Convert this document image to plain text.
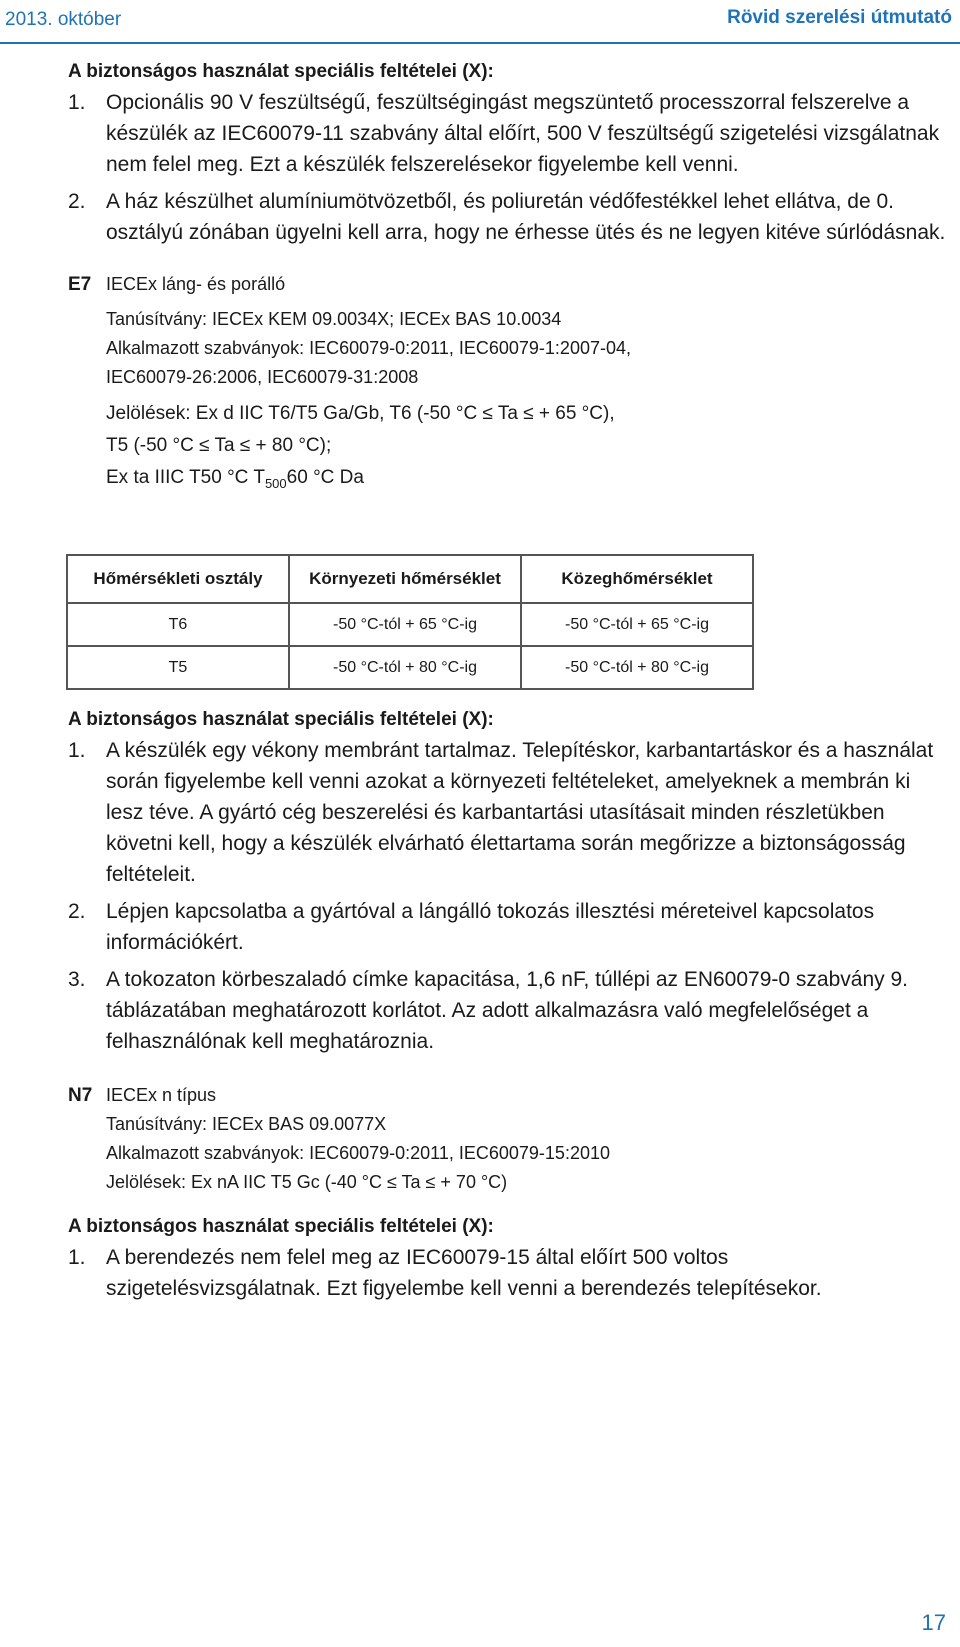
2013. október	Rövid szerelési útmutató
A biztonságos használat speciális feltételei (X):
1. Opcionális 90 V feszültségű, feszültségingást megszüntető processzorral felszerelve a készülék az IEC60079-11 szabvány által előírt, 500 V feszültségű szigetelési vizsgálatnak nem felel meg. Ezt a készülék felszerelésekor figyelembe kell venni.
2. A ház készülhet alumíniumötvözetből, és poliuretán védőfestékkel lehet ellátva, de 0. osztályú zónában ügyelni kell arra, hogy ne érhesse ütés és ne legyen kitéve súrlódásnak.
E7 IECEx láng- és porálló
Tanúsítvány: IECEx KEM 09.0034X; IECEx BAS 10.0034
Alkalmazott szabványok: IEC60079-0:2011, IEC60079-1:2007-04,
IEC60079-26:2006, IEC60079-31:2008
Jelölések: Ex d IIC T6/T5 Ga/Gb, T6 (-50 °C ≤ Ta ≤ + 65 °C),
T5 (-50 °C ≤ Ta ≤ + 80 °C);
Ex ta IIIC T50 °C $T_{500}60$ °C Da
Hőmérsékleti osztály	Környezeti hőmérséklet	Közeghőmérséklet
T6	-50 °C-tól + 65 °C-ig	-50 °C-tól + 65 °C-ig
T5	-50 °C-tól + 80 °C-ig	-50 °C-tól + 80 °C-ig
A biztonságos használat speciális feltételei (X):
1. A készülék egy vékony membránt tartalmaz. Telepítéskor, karbantartáskor és a használat során figyelembe kell venni azokat a környezeti feltételeket, amelyeknek a membrán ki lesz téve. A gyártó cég beszerelési és karbantartási utasításait minden részletükben követni kell, hogy a készülék elvárható élettartama során megőrizze a biztonságosság feltételeit.
2. Lépjen kapcsolatba a gyártóval a lángálló tokozás illesztési méreteivel kapcsolatos információkért.
3. A tokozaton körbeszaladó címke kapacitása, 1,6 nF, túllépi az EN60079-0 szabvány 9. táblázatában meghatározott korlátot. Az adott alkalmazásra való megfelelőséget a felhasználónak kell meghatároznia.
N7 IECEx n típus
Tanúsítvány: IECEx BAS 09.0077X
Alkalmazott szabványok: IEC60079-0:2011, IEC60079-15:2010
Jelölések: Ex nA IIC T5 Gc (-40 °C ≤ Ta ≤ + 70 °C)
A biztonságos használat speciális feltételei (X):
1. A berendezés nem felel meg az IEC60079-15 által előírt 500 voltos szigetelésvizsgálatnak. Ezt figyelembe kell venni a berendezés telepítésekor.
17
